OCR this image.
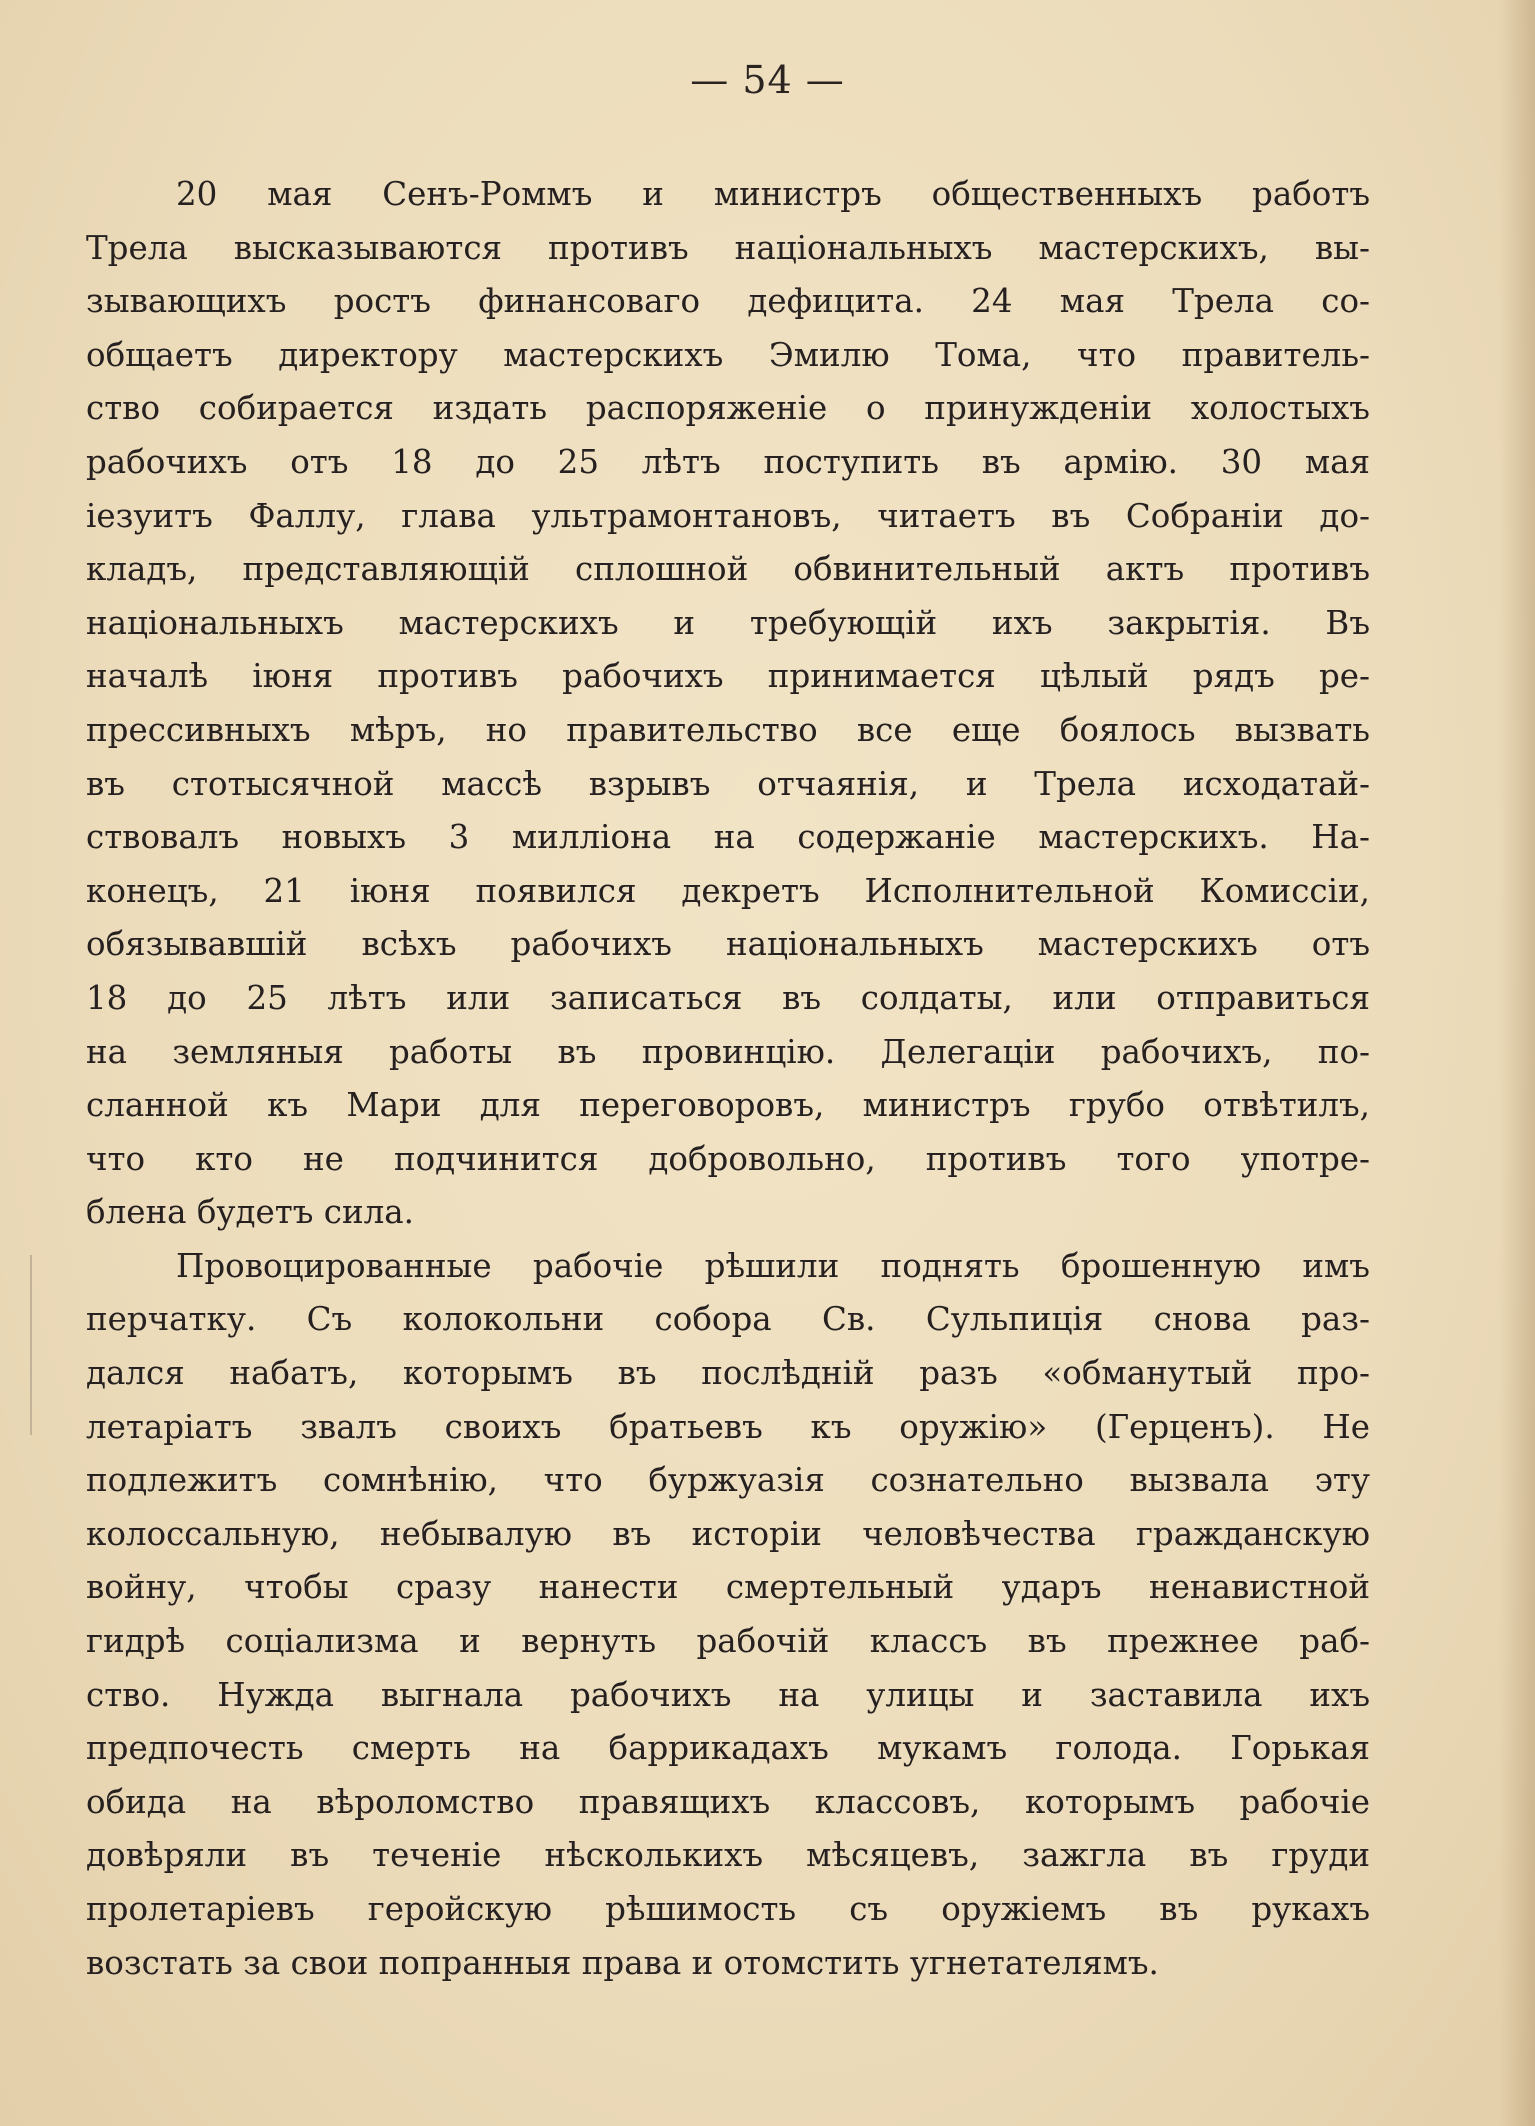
— 54 —
20 мая Сенъ-Роммъ и министръ общественныхъ работъ
Трела высказываются противъ національныхъ мастерскихъ, вы-
зывающихъ ростъ финансоваго дефицита. 24 мая Трела со-
общаетъ директору мастерскихъ Эмилю Тома, что правитель-
ство собирается издать распоряженіе о принужденіи холостыхъ
рабочихъ отъ 18 до 25 лѣтъ поступить въ армію. 30 мая
іезуитъ Фаллу, глава ультрамонтановъ, читаетъ въ Собраніи до-
кладъ, представляющій сплошной обвинительный актъ противъ
національныхъ мастерскихъ и требующій ихъ закрытія. Въ
началѣ іюня противъ рабочихъ принимается цѣлый рядъ ре-
прессивныхъ мѣръ, но правительство все еще боялось вызвать
въ стотысячной массѣ взрывъ отчаянія, и Трела исходатай-
ствовалъ новыхъ 3 милліона на содержаніе мастерскихъ. На-
конецъ, 21 іюня появился декретъ Исполнительной Комиссіи,
обязывавшій всѣхъ рабочихъ національныхъ мастерскихъ отъ
18 до 25 лѣтъ или записаться въ солдаты, или отправиться
на земляныя работы въ провинцію. Делегаціи рабочихъ, по-
сланной къ Мари для переговоровъ, министръ грубо отвѣтилъ,
что кто не подчинится добровольно, противъ того употре-
блена будетъ сила.
Провоцированные рабочіе рѣшили поднять брошенную имъ
перчатку. Съ колокольни собора Св. Сульпиція снова раз-
дался набатъ, которымъ въ послѣдній разъ «обманутый про-
летаріатъ звалъ своихъ братьевъ къ оружію» (Герценъ). Не
подлежитъ сомнѣнію, что буржуазія сознательно вызвала эту
колоссальную, небывалую въ исторіи человѣчества гражданскую
войну, чтобы сразу нанести смертельный ударъ ненавистной
гидрѣ соціализма и вернуть рабочій классъ въ прежнее раб-
ство. Нужда выгнала рабочихъ на улицы и заставила ихъ
предпочесть смерть на баррикадахъ мукамъ голода. Горькая
обида на вѣроломство правящихъ классовъ, которымъ рабочіе
довѣряли въ теченіе нѣсколькихъ мѣсяцевъ, зажгла въ груди
пролетаріевъ геройскую рѣшимость съ оружіемъ въ рукахъ
возстать за свои попранныя права и отомстить угнетателямъ.
